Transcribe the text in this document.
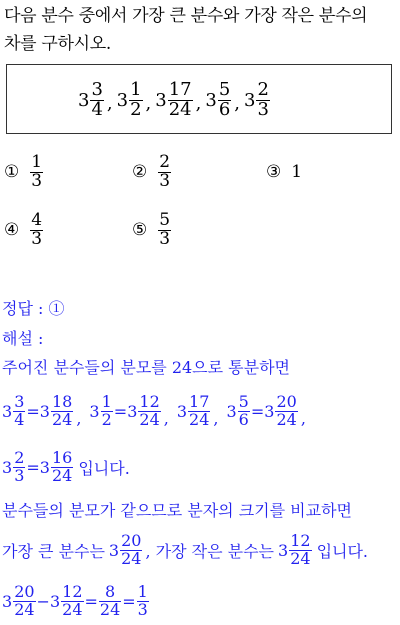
다음 분수 중에서 가장 큰 분수와 가장 작은 분수의
차를 구하시오.
$3 \frac{3}{4}$ , $3 \frac{1}{2}$ , $3 \frac{17}{24}$ , $3 \frac{5}{6}$ , $3 \frac{2}{3}$
① $\frac{1}{3}$	② $\frac{2}{3}$	③ 1
④ $\frac{4}{3}$	⑤ $\frac{5}{3}$
정답 : ①
해설 :
주어진 분수들의 분모를 24으로 통분하면
$3 \frac{3}{4} = 3 \frac{18}{24}$ , $3 \frac{1}{2} = 3 \frac{12}{24}$ , $3 \frac{17}{24}$ , $3 \frac{5}{6} = 3 \frac{20}{24}$ ,
$3 \frac{2}{3} = 3 \frac{16}{24}$ 입니다.
분수들의 분모가 같으므로 분자의 크기를 비교하면
가장 큰 분수는 $3 \frac{20}{24}$ , 가장 작은 분수는 $3 \frac{12}{24}$ 입니다.
$3 \frac{20}{24} - 3 \frac{12}{24} = \frac{8}{24} = \frac{1}{3}$
